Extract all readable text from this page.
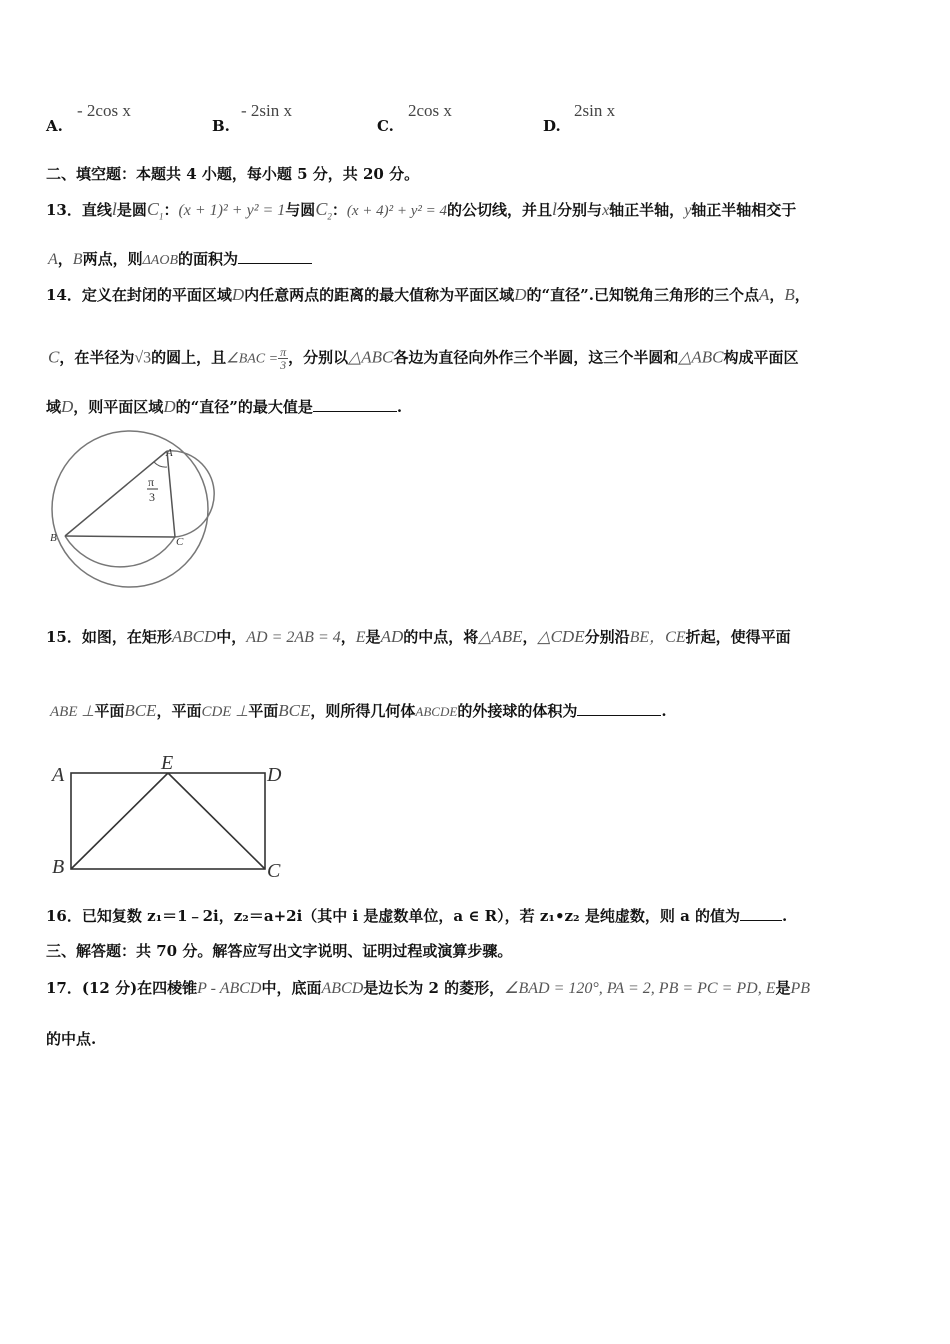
A.
- 2cos x
B.
- 2sin x
C.
2cos x
D.
2sin x
二、填空题：本题共 4 小题，每小题 5 分，共 20 分。
13．直线l是圆$C_1$：(x + 1)² + y² = 1与圆$C_2$：(x + 4)² + y² = 4的公切线，并且l分别与x轴正半轴，y轴正半轴相交于
A，B两点，则ΔAOB的面积为
14．定义在封闭的平面区域D内任意两点的距离的最大值称为平面区域D的“直径”.已知锐角三角形的三个点A，B，
C，在半径为√3的圆上，且∠BAC = $\frac{\pi}{3}$ ，分别以△ABC各边为直径向外作三个半圆，这三个半圆和△ABC构成平面区
域D，则平面区域D的“直径”的最大值是	.
A
B	C
π
3
15．如图，在矩形ABCD中，AD = 2AB = 4，E是AD的中点，将△ABE，△CDE分别沿BE，CE折起，使得平面
ABE ⊥平面BCE，平面CDE ⊥平面BCE，则所得几何体ABCDE的外接球的体积为	.
A
E
D
B	C
16．已知复数 z₁＝1﹣2i，z₂＝a+2i（其中 i 是虚数单位，a ∈ R），若 z₁•z₂ 是纯虚数，则 a 的值为	.
三、解答题：共 70 分。解答应写出文字说明、证明过程或演算步骤。
17．(12 分)在四棱锥P - ABCD中，底面ABCD是边长为 2 的菱形，∠BAD = 120°, PA = 2, PB = PC = PD, E是PB
的中点.
